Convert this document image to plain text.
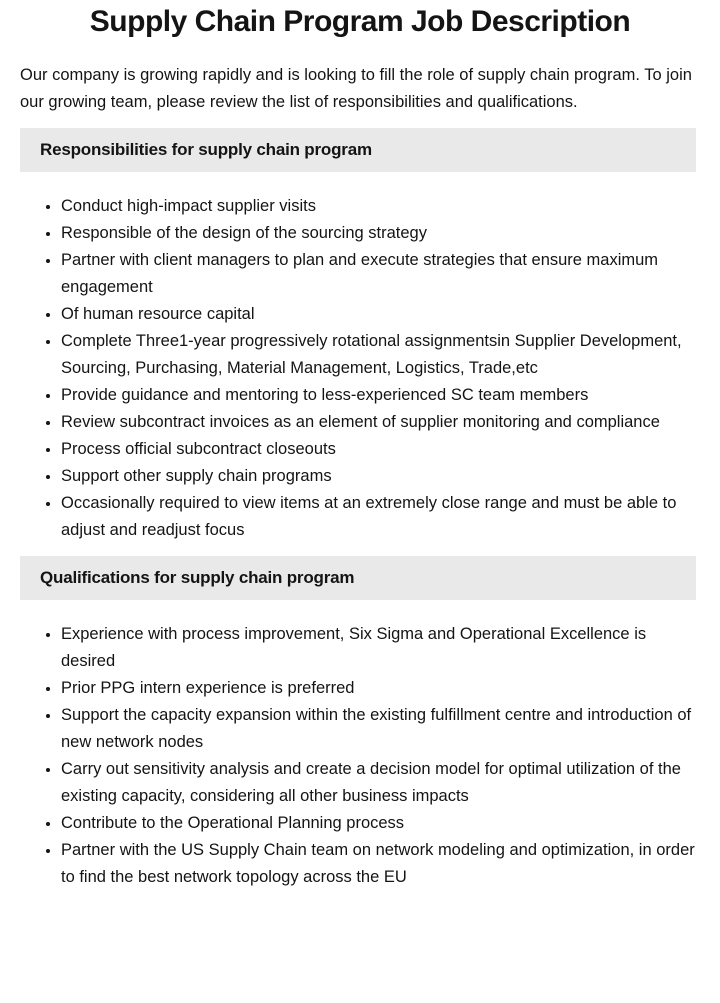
Supply Chain Program Job Description

Our company is growing rapidly and is looking to fill the role of supply chain program. To join our growing team, please review the list of responsibilities and qualifications.

Responsibilities for supply chain program
• Conduct high-impact supplier visits
• Responsible of the design of the sourcing strategy
• Partner with client managers to plan and execute strategies that ensure maximum engagement
• Of human resource capital
• Complete Three1-year progressively rotational assignmentsin Supplier Development, Sourcing, Purchasing, Material Management, Logistics, Trade,etc
• Provide guidance and mentoring to less-experienced SC team members
• Review subcontract invoices as an element of supplier monitoring and compliance
• Process official subcontract closeouts
• Support other supply chain programs
• Occasionally required to view items at an extremely close range and must be able to adjust and readjust focus
Qualifications for supply chain program
• Experience with process improvement, Six Sigma and Operational Excellence is desired
• Prior PPG intern experience is preferred
• Support the capacity expansion within the existing fulfillment centre and introduction of new network nodes
• Carry out sensitivity analysis and create a decision model for optimal utilization of the existing capacity, considering all other business impacts
• Contribute to the Operational Planning process
• Partner with the US Supply Chain team on network modeling and optimization, in order to find the best network topology across the EU
